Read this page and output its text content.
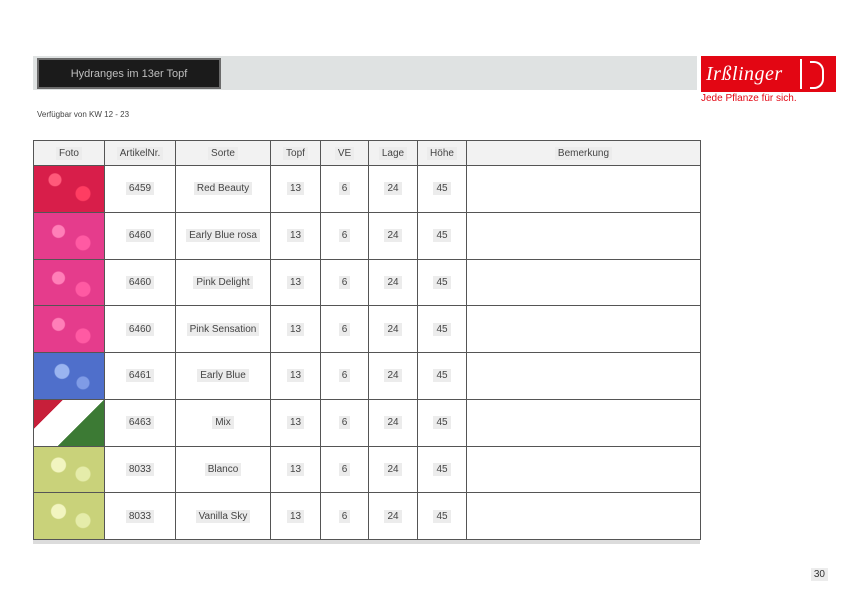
Hydranges im 13er Topf	Irßlinger
Jede Pflanze für sich.
Verfügbar von KW 12 - 23
Foto	ArtikelNr.	Sorte	Topf	VE	Lage	Höhe	Bemerkung

	6459	Red Beauty	13	6	24	45	

	6460	Early Blue rosa	13	6	24	45	

	6460	Pink Delight	13	6	24	45	

	6460	Pink Sensation	13	6	24	45	

	6461	Early Blue	13	6	24	45	

	6463	Mix	13	6	24	45	

	8033	Blanco	13	6	24	45	

	8033	Vanilla Sky	13	6	24	45	
30
